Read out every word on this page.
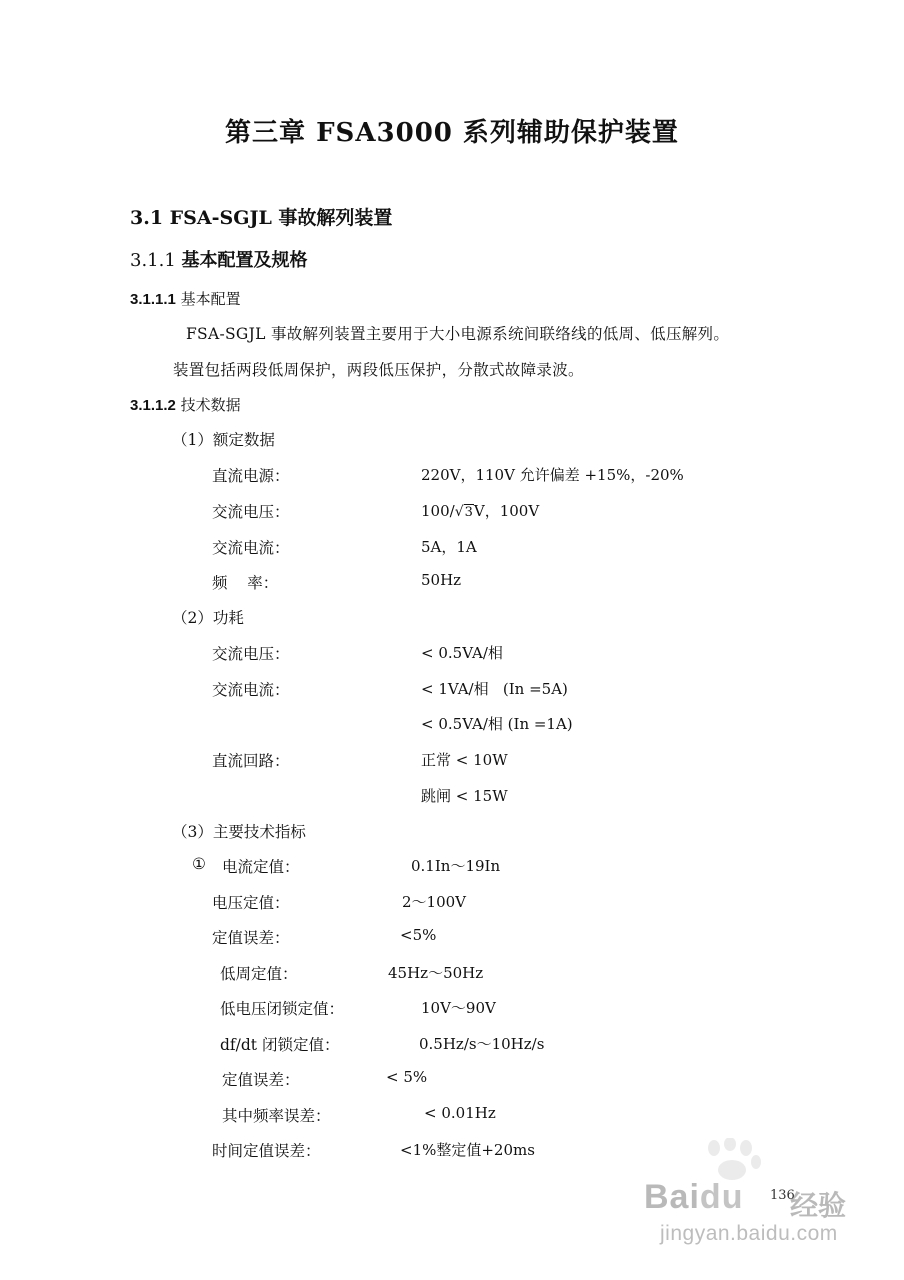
第三章 FSA3000 系列辅助保护装置
3.1 FSA-SGJL 事故解列装置
3.1.1 基本配置及规格
3.1.1.1 基本配置
FSA-SGJL 事故解列装置主要用于大小电源系统间联络线的低周、低压解列。
装置包括两段低周保护，两段低压保护，分散式故障录波。
3.1.1.2 技术数据
（1）额定数据
直流电源：	220V，110V 允许偏差 +15%，-20%
交流电压：	100/√3V，100V
交流电流：	5A，1A
频    率：	50Hz
（2）功耗
交流电压：	< 0.5VA/相
交流电流：	< 1VA/相   (In =5A)
< 0.5VA/相 (In =1A)
直流回路：	正常 < 10W
跳闸 < 15W
（3）主要技术指标
① 电流定值：	0.1In～19In
电压定值：	2～100V
定值误差：	<5%
低周定值：	45Hz～50Hz
低电压闭锁定值：	10V～90V
df/dt 闭锁定值：	0.5Hz/s～10Hz/s
定值误差：	< 5%
其中频率误差：	< 0.01Hz
时间定值误差：	<1%整定值+20ms
Baidu 经验
jingyan.baidu.com
136
